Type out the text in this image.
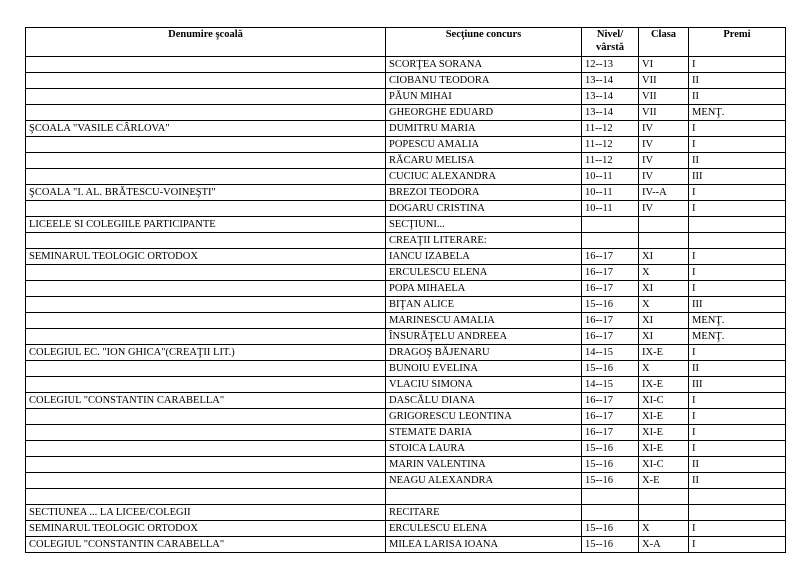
Denumire şcoală	Secţiune concurs	Nivel/
vârstă	Clasa	Premi
	SCORŢEA SORANA	12--13	VI	I
	CIOBANU TEODORA	13--14	VII	II
	PĂUN MIHAI	13--14	VII	II
	GHEORGHE EDUARD	13--14	VII	MENŢ.
ŞCOALA "VASILE CÂRLOVA"	DUMITRU MARIA	11--12	IV	I
	POPESCU AMALIA	11--12	IV	I
	RĂCARU MELISA	11--12	IV	II
	CUCIUC ALEXANDRA	10--11	IV	III
ŞCOALA "I. AL. BRĂTESCU-VOINEŞTI"	BREZOI TEODORA	10--11	IV--A	I
	DOGARU CRISTINA	10--11	IV	I
LICEELE SI COLEGIILE PARTICIPANTE	SECŢIUNI...			
	CREAŢII LITERARE:			
SEMINARUL TEOLOGIC ORTODOX	IANCU IZABELA	16--17	XI	I
	ERCULESCU ELENA	16--17	X	I
	POPA MIHAELA	16--17	XI	I
	BIŢAN ALICE	15--16	X	III
	MARINESCU AMALIA	16--17	XI	MENŢ.
	ÎNSURĂŢELU ANDREEA	16--17	XI	MENŢ.
COLEGIUL EC. "ION GHICA"(CREAŢII LIT.)	DRAGOŞ BĂJENARU	14--15	IX-E	I
	BUNOIU EVELINA	15--16	X	II
	VLACIU SIMONA	14--15	IX-E	III
COLEGIUL "CONSTANTIN CARABELLA"	DASCĂLU DIANA	16--17	XI-C	I
	GRIGORESCU LEONTINA	16--17	XI-E	I
	STEMATE DARIA	16--17	XI-E	I
	STOICA LAURA	15--16	XI-E	I
	MARIN VALENTINA	15--16	XI-C	II
	NEAGU ALEXANDRA	15--16	X-E	II

SECTIUNEA ... LA LICEE/COLEGII	RECITARE			
SEMINARUL TEOLOGIC ORTODOX	ERCULESCU ELENA	15--16	X	I
COLEGIUL "CONSTANTIN CARABELLA"	MILEA LARISA IOANA	15--16	X-A	I
